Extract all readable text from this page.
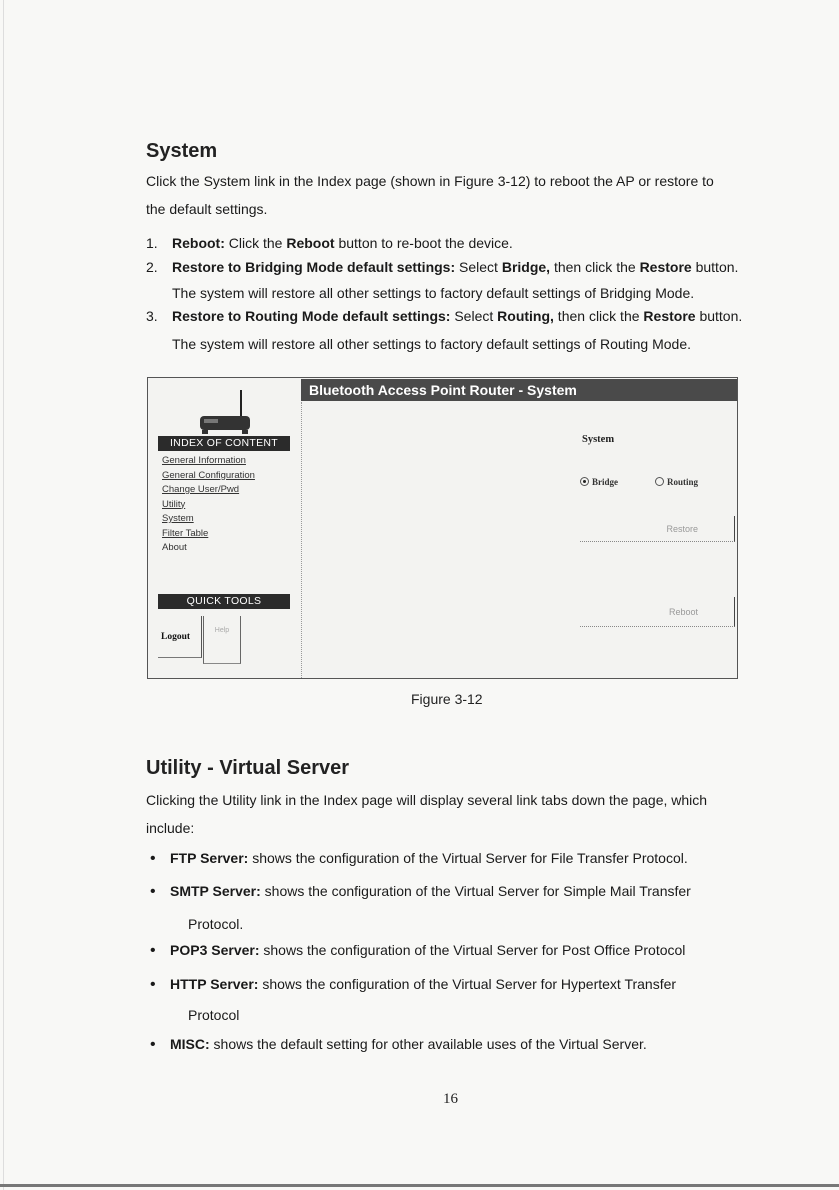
System
Click the System link in the Index page (shown in Figure 3-12) to reboot the AP or restore to
the default settings.
1. Reboot: Click the Reboot button to re-boot the device.
2. Restore to Bridging Mode default settings: Select Bridge, then click the Restore button.
The system will restore all other settings to factory default settings of Bridging Mode.
3. Restore to Routing Mode default settings: Select Routing, then click the Restore button.
The system will restore all other settings to factory default settings of Routing Mode.
Bluetooth Access Point Router - System
INDEX OF CONTENT
General Information
General Configuration
Change User/Pwd
Utility
System
Filter Table
About
QUICK TOOLS
Logout
Help
System
Bridge	Routing
Restore
Reboot
Figure 3-12
Utility - Virtual Server
Clicking the Utility link in the Index page will display several link tabs down the page, which
include:
• FTP Server: shows the configuration of the Virtual Server for File Transfer Protocol.
• SMTP Server: shows the configuration of the Virtual Server for Simple Mail Transfer
Protocol.
• POP3 Server: shows the configuration of the Virtual Server for Post Office Protocol
• HTTP Server: shows the configuration of the Virtual Server for Hypertext Transfer
Protocol
• MISC: shows the default setting for other available uses of the Virtual Server.
16
